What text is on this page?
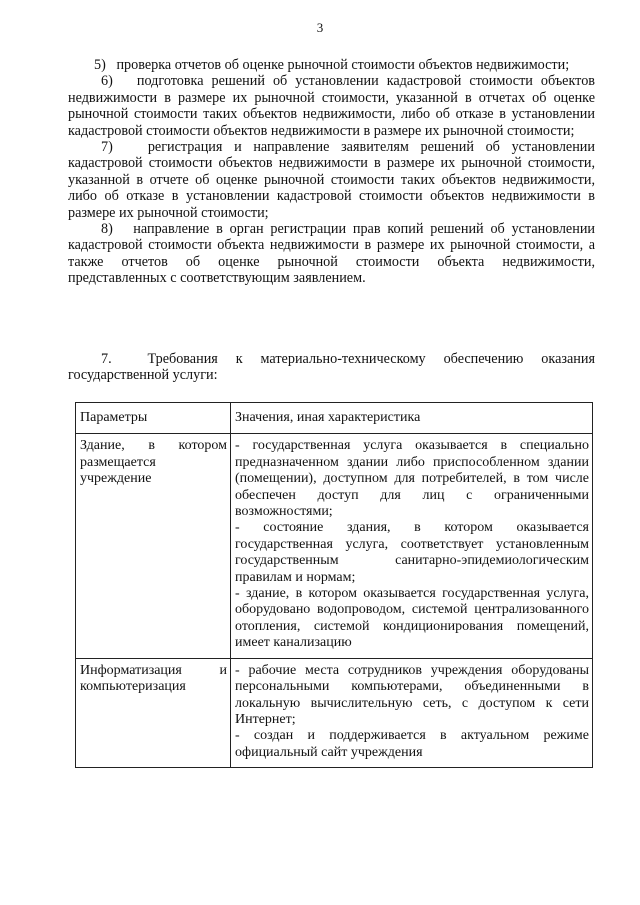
3

5)   проверка отчетов об оценке рыночной стоимости объектов недвижимости;

6)   подготовка решений об установлении кадастровой стоимости объектов недвижимости в размере их рыночной стоимости, указанной в отчетах об оценке рыночной стоимости таких объектов недвижимости, либо об отказе в установлении кадастровой стоимости объектов недвижимости в размере их рыночной стоимости;

7)   регистрация и направление заявителям решений об установлении кадастровой стоимости объектов недвижимости в размере их рыночной стоимости, указанной в отчете об оценке рыночной стоимости таких объектов недвижимости, либо об отказе в установлении кадастровой стоимости объектов недвижимости в размере их рыночной стоимости;

8)   направление в орган регистрации прав копий решений об установлении кадастровой стоимости объекта недвижимости в размере их рыночной стоимости, а также отчетов об оценке рыночной стоимости объекта недвижимости, представленных с соответствующим заявлением.

7.  Требования к материально-техническому обеспечению оказания государственной услуги:

Параметры	Значения, иная характеристика
Здание, в котором размещается учреждение	- государственная услуга оказывается в специально предназначенном здании либо приспособленном здании (помещении), доступном для потребителей, в том числе обеспечен доступ для лиц с ограниченными возможностями;
- состояние здания, в котором оказывается государственная услуга, соответствует установленным государственным санитарно-эпидемиологическим правилам и нормам;
- здание, в котором оказывается государственная услуга, оборудовано водопроводом, системой централизованного отопления, системой кондиционирования помещений, имеет канализацию

Информатизация и компьютеризация	- рабочие места сотрудников учреждения оборудованы персональными компьютерами, объединенными в локальную вычислительную сеть, с доступом к сети Интернет;
- создан и поддерживается в актуальном режиме официальный сайт учреждения
